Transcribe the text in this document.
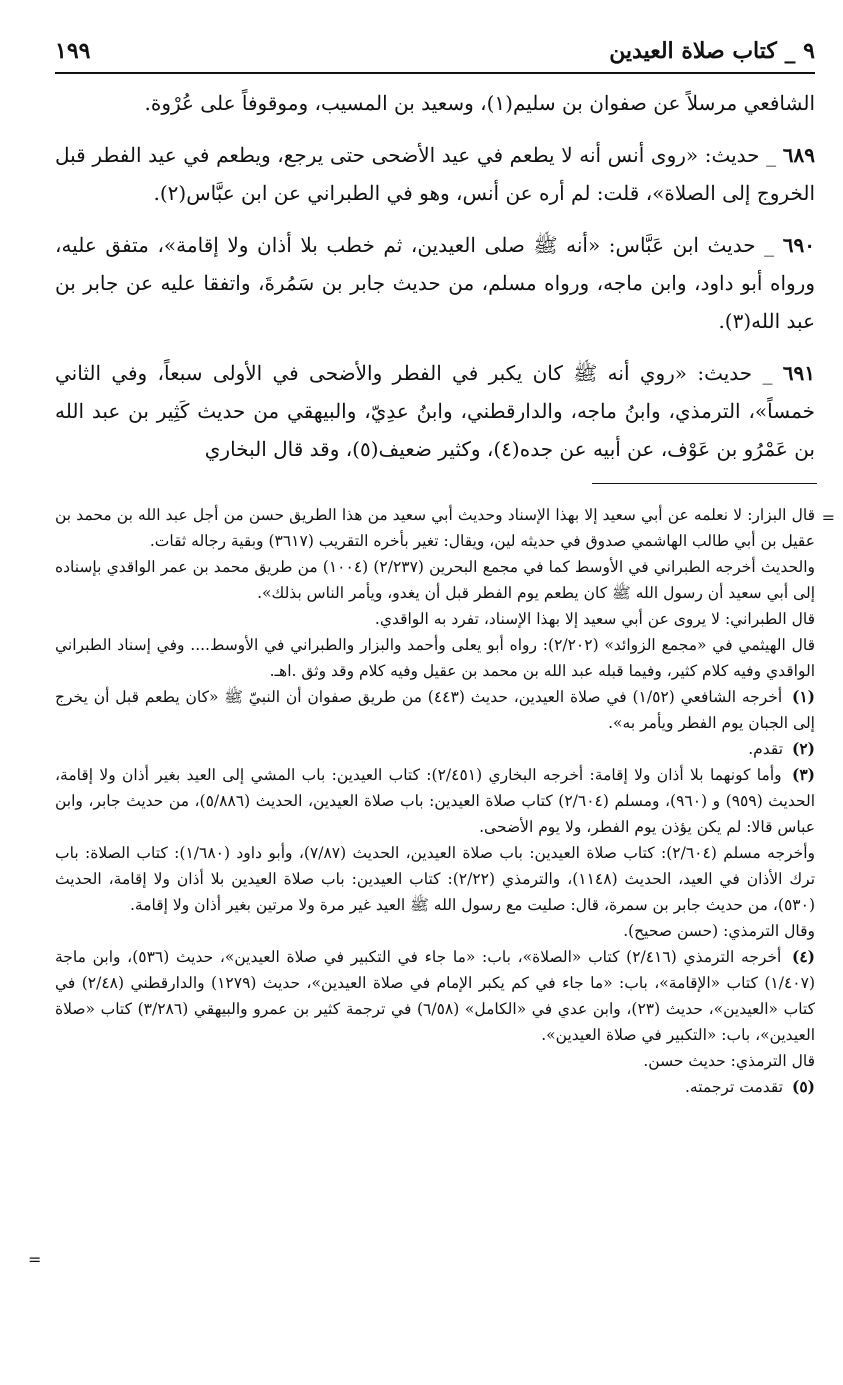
٩ _ كتاب صلاة العيدين
١٩٩

الشافعي مرسلاً عن صفوان بن سليم(١)، وسعيد بن المسيب، وموقوفاً على عُرْوة.

٦٨٩ _ حديث: «روى أنس أنه لا يطعم في عيد الأضحى حتى يرجع، ويطعم في عيد الفطر قبل الخروج إلى الصلاة»، قلت: لم أره عن أنس، وهو في الطبراني عن ابن عبَّاس(٢).

٦٩٠ _ حديث ابن عَبَّاس: «أنه ﷺ صلى العيدين، ثم خطب بلا أذان ولا إقامة»، متفق عليه، ورواه أبو داود، وابن ماجه، ورواه مسلم، من حديث جابر بن سَمُرةَ، واتفقا عليه عن جابر بن عبد الله(٣).

٦٩١ _ حديث: «روي أنه ﷺ كان يكبر في الفطر والأضحى في الأولى سبعاً، وفي الثاني خمساً»، الترمذي، وابنُ ماجه، والدارقطني، وابنُ عدِيّ، والبيهقي من حديث كَثِير بن عبد الله بن عَمْرُو بن عَوْف، عن أبيه عن جده(٤)، وكثير ضعيف(٥)، وقد قال البخاري

=

قال البزار: لا نعلمه عن أبي سعيد إلا بهذا الإسناد وحديث أبي سعيد من هذا الطريق حسن من أجل عبد الله بن محمد بن عقيل بن أبي طالب الهاشمي صدوق في حديثه لين، ويقال: تغير بأخره التقريب (٣٦١٧) وبقية رجاله ثقات.

والحديث أخرجه الطبراني في الأوسط كما في مجمع البحرين (٢/٢٣٧) (١٠٠٤) من طريق محمد بن عمر الواقدي بإسناده إلى أبي سعيد أن رسول الله ﷺ كان يطعم يوم الفطر قبل أن يغدو، ويأمر الناس بذلك».

قال الطبراني: لا يروى عن أبي سعيد إلا بهذا الإسناد، تفرد به الواقدي.

قال الهيثمي في «مجمع الزوائد» (٢/٢٠٢): رواه أبو يعلى وأحمد والبزار والطبراني في الأوسط.... وفي إسناد الطبراني الواقدي وفيه كلام كثير، وفيما قبله عبد الله بن محمد بن عقيل وفيه كلام وقد وثق .اهـ.

(١) أخرجه الشافعي (١/٥٢) في صلاة العيدين، حديث (٤٤٣) من طريق صفوان أن النبيّ ﷺ «كان يطعم قبل أن يخرج إلى الجبان يوم الفطر ويأمر به».

(٢) تقدم.

(٣) وأما كونهما بلا أذان ولا إقامة: أخرجه البخاري (٢/٤٥١): كتاب العيدين: باب المشي إلى العيد بغير أذان ولا إقامة، الحديث (٩٥٩) و (٩٦٠)، ومسلم (٢/٦٠٤) كتاب صلاة العيدين: باب صلاة العيدين، الحديث (٥/٨٨٦)، من حديث جابر، وابن عباس قالا: لم يكن يؤذن يوم الفطر، ولا يوم الأضحى.

وأخرجه مسلم (٢/٦٠٤): كتاب صلاة العيدين: باب صلاة العيدين، الحديث (٧/٨٧)، وأبو داود (١/٦٨٠): كتاب الصلاة: باب ترك الأذان في العيد، الحديث (١١٤٨)، والترمذي (٢/٢٢): كتاب العيدين: باب صلاة العيدين بلا أذان ولا إقامة، الحديث (٥٣٠)، من حديث جابر بن سمرة، قال: صليت مع رسول الله ﷺ العيد غير مرة ولا مرتين بغير أذان ولا إقامة.

وقال الترمذي: (حسن صحيح).

(٤) أخرجه الترمذي (٢/٤١٦) كتاب «الصلاة»، باب: «ما جاء في التكبير في صلاة العيدين»، حديث (٥٣٦)، وابن ماجة (١/٤٠٧) كتاب «الإقامة»، باب: «ما جاء في كم يكبر الإمام في صلاة العيدين»، حديث (١٢٧٩) والدارقطني (٢/٤٨) في كتاب «العيدين»، حديث (٢٣)، وابن عدي في «الكامل» (٦/٥٨) في ترجمة كثير بن عمرو والبيهقي (٣/٢٨٦) كتاب «صلاة العيدين»، باب: «التكبير في صلاة العيدين».

قال الترمذي: حديث حسن.

(٥) تقدمت ترجمته.

=
